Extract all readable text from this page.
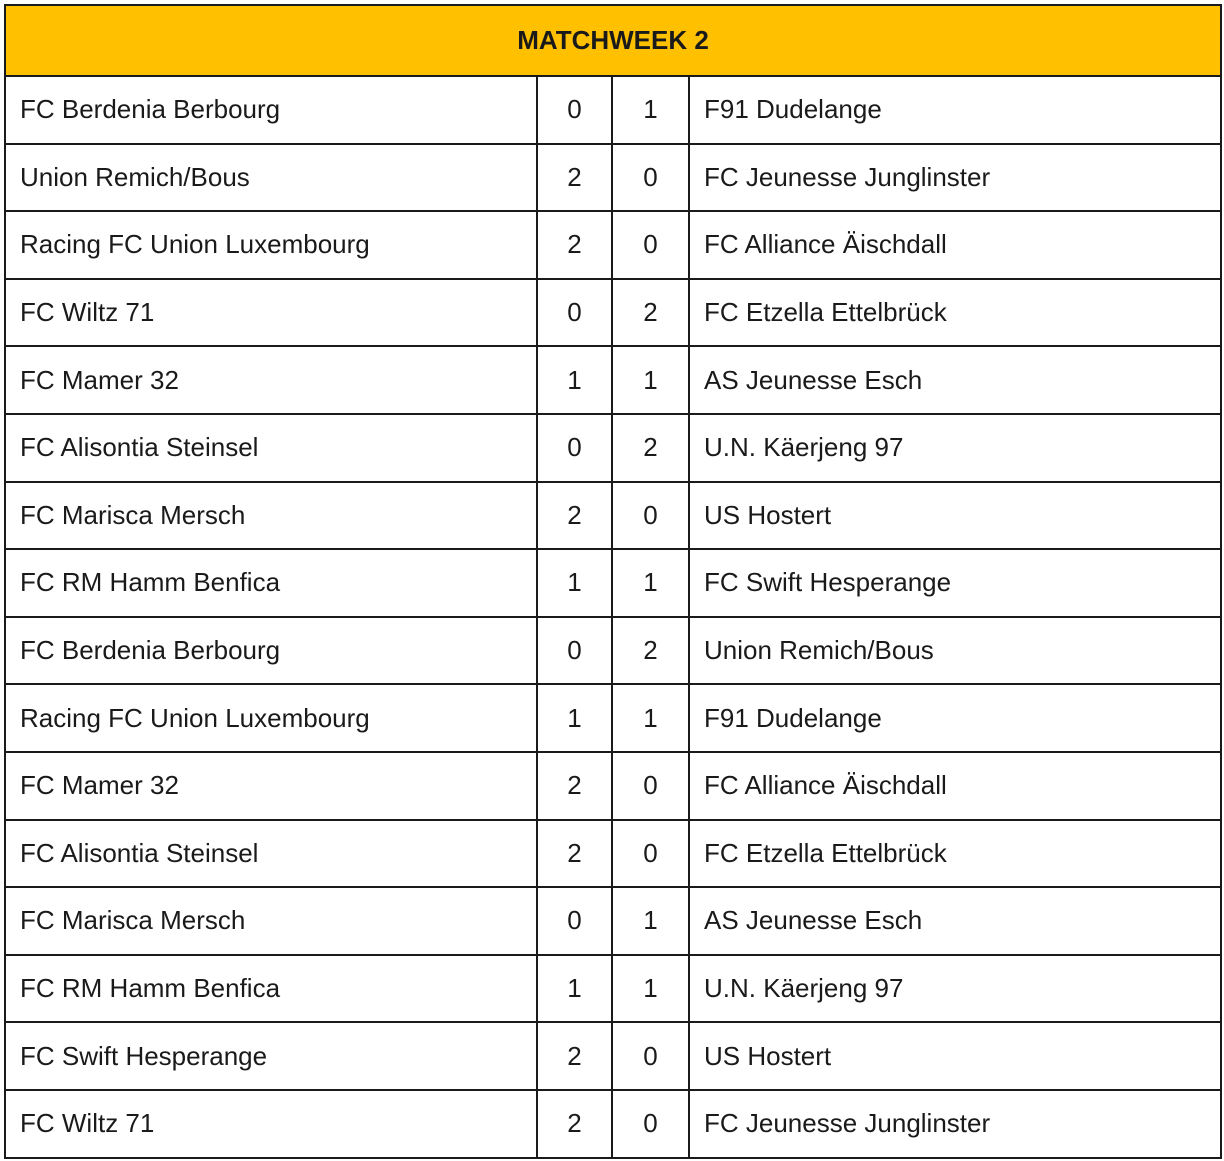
MATCHWEEK 2			
FC Berdenia Berbourg	0	1	F91 Dudelange
Union Remich/Bous	2	0	FC Jeunesse Junglinster
Racing FC Union Luxembourg	2	0	FC Alliance Äischdall
FC Wiltz 71	0	2	FC Etzella Ettelbrück
FC Mamer 32	1	1	AS Jeunesse Esch
FC Alisontia Steinsel	0	2	U.N. Käerjeng 97
FC Marisca Mersch	2	0	US Hostert
FC RM Hamm Benfica	1	1	FC Swift Hesperange
FC Berdenia Berbourg	0	2	Union Remich/Bous
Racing FC Union Luxembourg	1	1	F91 Dudelange
FC Mamer 32	2	0	FC Alliance Äischdall
FC Alisontia Steinsel	2	0	FC Etzella Ettelbrück
FC Marisca Mersch	0	1	AS Jeunesse Esch
FC RM Hamm Benfica	1	1	U.N. Käerjeng 97
FC Swift Hesperange	2	0	US Hostert
FC Wiltz 71	2	0	FC Jeunesse Junglinster
